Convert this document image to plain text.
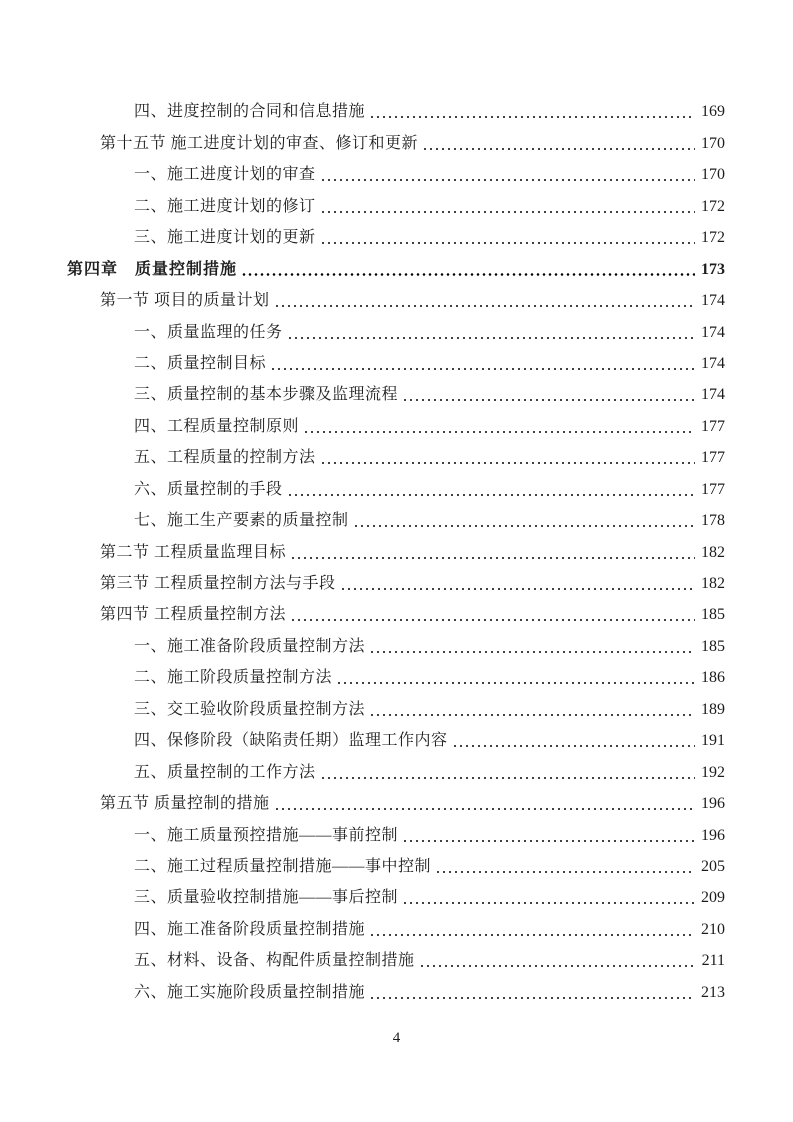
四、进度控制的合同和信息措施	169
第十五节 施工进度计划的审查、修订和更新	170
一、施工进度计划的审查	170
二、施工进度计划的修订	172
三、施工进度计划的更新	172
第四章　质量控制措施	173
第一节 项目的质量计划	174
一、质量监理的任务	174
二、质量控制目标	174
三、质量控制的基本步骤及监理流程	174
四、工程质量控制原则	177
五、工程质量的控制方法	177
六、质量控制的手段	177
七、施工生产要素的质量控制	178
第二节 工程质量监理目标	182
第三节 工程质量控制方法与手段	182
第四节 工程质量控制方法	185
一、施工准备阶段质量控制方法	185
二、施工阶段质量控制方法	186
三、交工验收阶段质量控制方法	189
四、保修阶段（缺陷责任期）监理工作内容	191
五、质量控制的工作方法	192
第五节 质量控制的措施	196
一、施工质量预控措施——事前控制	196
二、施工过程质量控制措施——事中控制	205
三、质量验收控制措施——事后控制	209
四、施工准备阶段质量控制措施	210
五、材料、设备、构配件质量控制措施	211
六、施工实施阶段质量控制措施	213
4
